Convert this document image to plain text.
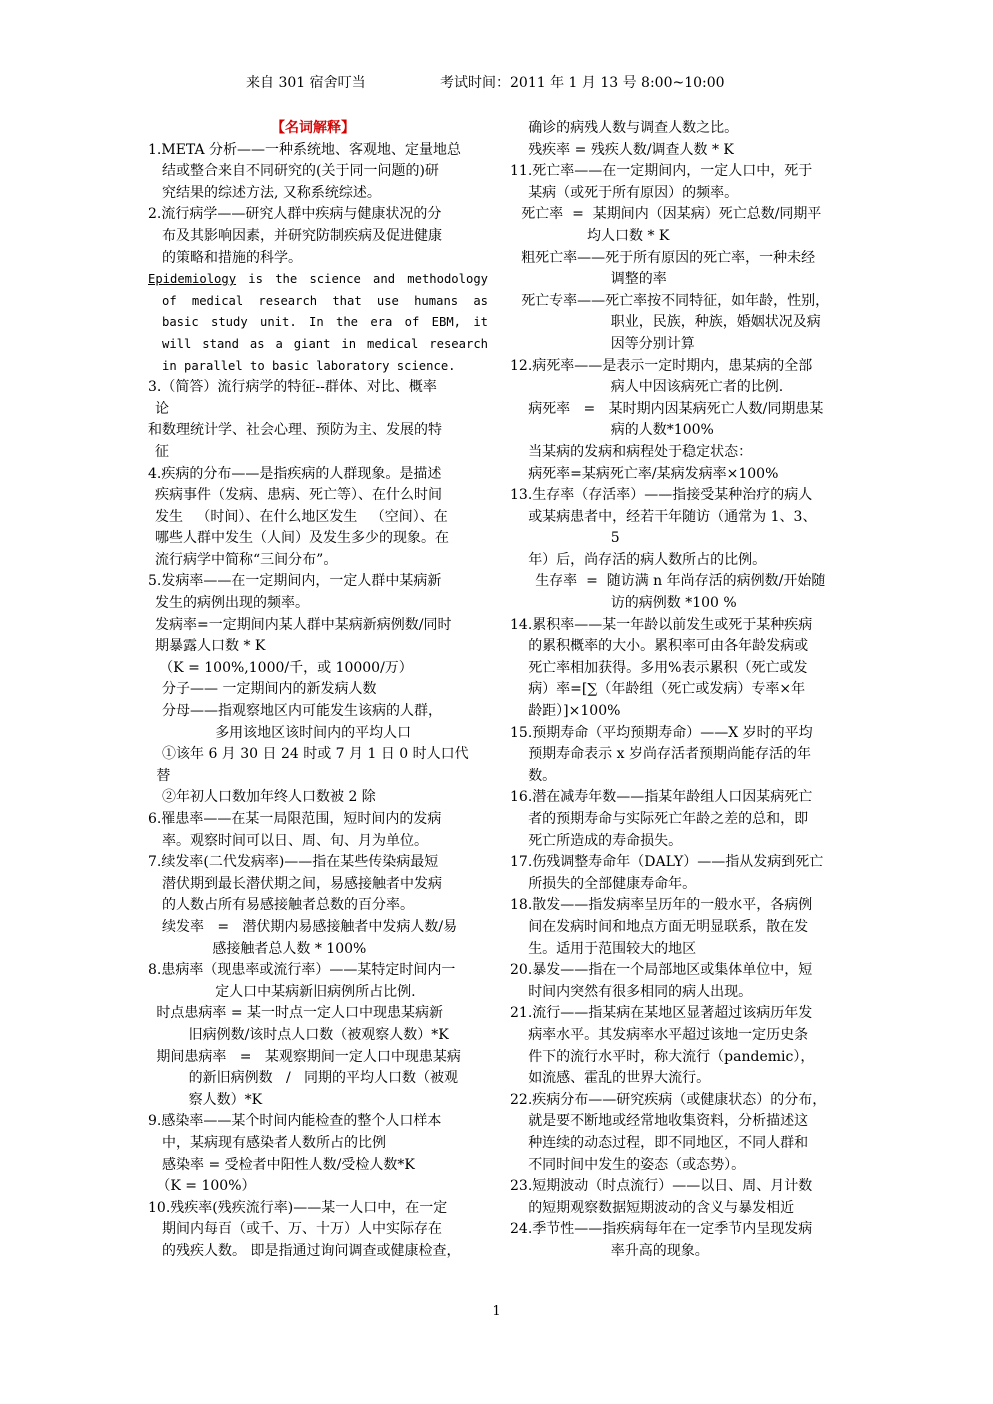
来自 301 宿舍叮当	考试时间：2011 年 1 月 13 号 8:00~10:00

【名词解释】

1.META 分析——一种系统地、客观地、定量地总

结或整合来自不同研究的(关于同一问题的)研

究结果的综述方法, 又称系统综述。

2.流行病学——研究人群中疾病与健康状况的分

布及其影响因素，并研究防制疾病及促进健康

的策略和措施的科学。

Epidemiology is the science and methodology

of medical research that use humans as

basic study unit. In the era of EBM, it

will stand as a giant in medical research

in parallel to basic laboratory science.

3.（简答）流行病学的特征--群体、对比、概率

论

和数理统计学、社会心理、预防为主、发展的特

征

4.疾病的分布——是指疾病的人群现象。是描述

疾病事件（发病、患病、死亡等）、在什么时间

发生   （时间）、在什么地区发生   （空间）、在

哪些人群中发生（人间）及发生多少的现象。在

流行病学中简称“三间分布”。

5.发病率——在一定期间内，一定人群中某病新

发生的病例出现的频率。

发病率=一定期间内某人群中某病新病例数/同时

期暴露人口数 * K

（K = 100%,1000/千，或 10000/万）

分子—— 一定期间内的新发病人数

分母——指观察地区内可能发生该病的人群，

多用该地区该时间内的平均人口

①该年 6 月 30 日 24 时或 7 月 1 日 0 时人口代

替

②年初人口数加年终人口数被 2 除

6.罹患率——在某一局限范围，短时间内的发病

率。观察时间可以日、周、旬、月为单位。

7.续发率(二代发病率)——指在某些传染病最短

潜伏期到最长潜伏期之间，易感接触者中发病

的人数占所有易感接触者总数的百分率。

续发率   =   潜伏期内易感接触者中发病人数/易

感接触者总人数 * 100%

8.患病率（现患率或流行率）——某特定时间内一

定人口中某病新旧病例所占比例.

时点患病率 = 某一时点一定人口中现患某病新

旧病例数/该时点人口数（被观察人数）*K

期间患病率   =   某观察期间一定人口中现患某病

的新旧病例数   /   同期的平均人口数（被观

察人数）*K

9.感染率——某个时间内能检查的整个人口样本

中，某病现有感染者人数所占的比例

感染率 = 受检者中阳性人数/受检人数*K

（K = 100%）

10.残疾率(残疾流行率)——某一人口中，在一定

期间内每百（或千、万、十万）人中实际存在

的残疾人数。 即是指通过询问调查或健康检查，

确诊的病残人数与调查人数之比。

残疾率 = 残疾人数/调查人数 * K

11.死亡率——在一定期间内，一定人口中，死于

某病（或死于所有原因）的频率。

死亡率  =  某期间内（因某病）死亡总数/同期平

均人口数 * K

粗死亡率——死于所有原因的死亡率，一种未经

调整的率

死亡专率——死亡率按不同特征，如年龄，性别，

职业，民族，种族，婚姻状况及病

因等分别计算

12.病死率——是表示一定时期内，患某病的全部

病人中因该病死亡者的比例.

病死率   =   某时期内因某病死亡人数/同期患某

病的人数*100%

当某病的发病和病程处于稳定状态：

病死率=某病死亡率/某病发病率×100%

13.生存率（存活率）——指接受某种治疗的病人

或某病患者中，经若干年随访（通常为 1、3、

5

年）后，尚存活的病人数所占的比例。

生存率  =  随访满 n 年尚存活的病例数/开始随

访的病例数 *100 %

14.累积率——某一年龄以前发生或死于某种疾病

的累积概率的大小。累积率可由各年龄发病或

死亡率相加获得。多用%表示累积（死亡或发

病）率=[∑（年龄组（死亡或发病）专率×年

龄距）]×100%

15.预期寿命（平均预期寿命）——X 岁时的平均

预期寿命表示 x 岁尚存活者预期尚能存活的年

数。

16.潜在减寿年数——指某年龄组人口因某病死亡

者的预期寿命与实际死亡年龄之差的总和，即

死亡所造成的寿命损失。

17.伤残调整寿命年（DALY）——指从发病到死亡

所损失的全部健康寿命年。

18.散发——指发病率呈历年的一般水平，各病例

间在发病时间和地点方面无明显联系，散在发

生。适用于范围较大的地区

20.暴发——指在一个局部地区或集体单位中，短

时间内突然有很多相同的病人出现。

21.流行——指某病在某地区显著超过该病历年发

病率水平。其发病率水平超过该地一定历史条

件下的流行水平时，称大流行（pandemic），

如流感、霍乱的世界大流行。

22.疾病分布——研究疾病（或健康状态）的分布，

就是要不断地或经常地收集资料，分析描述这

种连续的动态过程，即不同地区，不同人群和

不同时间中发生的姿态（或态势）。

23.短期波动（时点流行）——以日、周、月计数

的短期观察数据短期波动的含义与暴发相近

24.季节性——指疾病每年在一定季节内呈现发病

率升高的现象。

1
